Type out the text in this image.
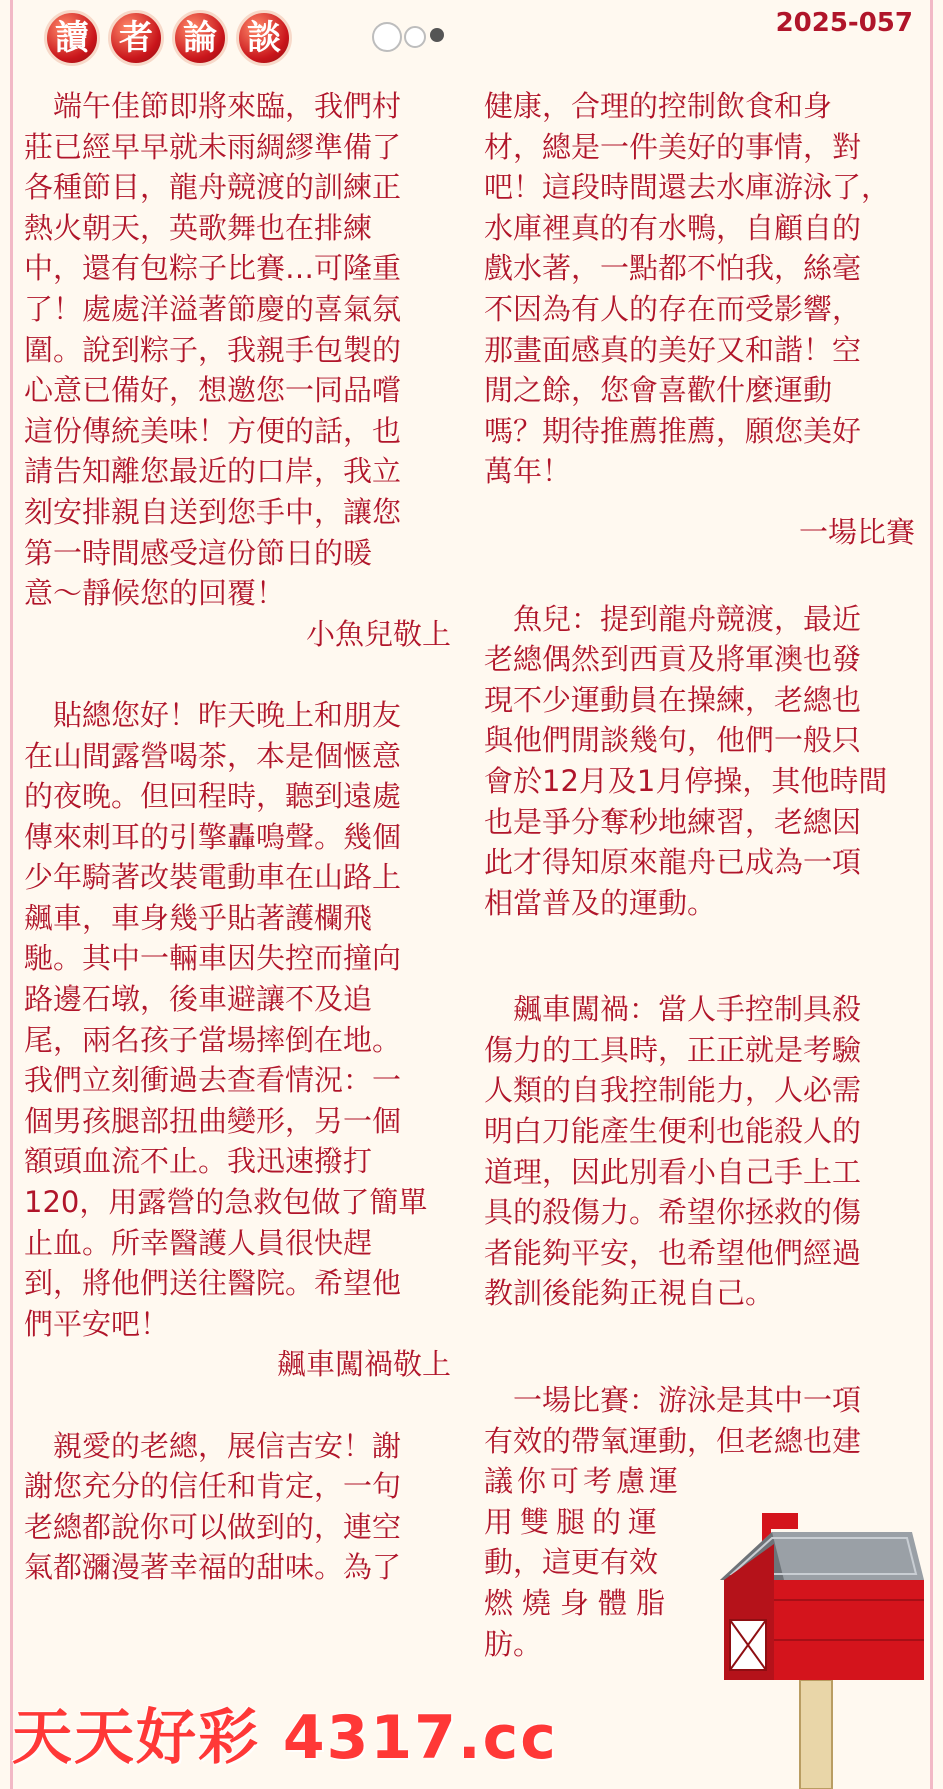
讀 者 論 談	2025-057

端午佳節即將來臨，我們村

莊已經早早就未雨綢繆準備了

各種節目，龍舟競渡的訓練正

熱火朝天，英歌舞也在排練

中，還有包粽子比賽…可隆重

了！處處洋溢著節慶的喜氣氛

圍。說到粽子，我親手包製的

心意已備好，想邀您一同品嚐

這份傳統美味！方便的話，也

請告知離您最近的口岸，我立

刻安排親自送到您手中，讓您

第一時間感受這份節日的暖

意～靜候您的回覆！

小魚兒敬上

貼總您好！昨天晚上和朋友

在山間露營喝茶，本是個愜意

的夜晚。但回程時，聽到遠處

傳來刺耳的引擎轟鳴聲。幾個

少年騎著改裝電動車在山路上

飆車，車身幾乎貼著護欄飛

馳。其中一輛車因失控而撞向

路邊石墩，後車避讓不及追

尾，兩名孩子當場摔倒在地。

我們立刻衝過去查看情況：一

個男孩腿部扭曲變形，另一個

額頭血流不止。我迅速撥打

120，用露營的急救包做了簡單

止血。所幸醫護人員很快趕

到，將他們送往醫院。希望他

們平安吧！

飆車闖禍敬上

親愛的老總，展信吉安！謝

謝您充分的信任和肯定，一句

老總都說你可以做到的，連空

氣都瀰漫著幸福的甜味。為了

健康，合理的控制飲食和身

材，總是一件美好的事情，對

吧！這段時間還去水庫游泳了，

水庫裡真的有水鴨，自顧自的

戲水著，一點都不怕我，絲毫

不因為有人的存在而受影響，

那畫面感真的美好又和諧！空

閒之餘，您會喜歡什麼運動

嗎？期待推薦推薦，願您美好

萬年！

一場比賽

魚兒：提到龍舟競渡，最近

老總偶然到西貢及將軍澳也發

現不少運動員在操練，老總也

與他們閒談幾句，他們一般只

會於12月及1月停操，其他時間

也是爭分奪秒地練習，老總因

此才得知原來龍舟已成為一項

相當普及的運動。

飆車闖禍：當人手控制具殺

傷力的工具時，正正就是考驗

人類的自我控制能力，人必需

明白刀能產生便利也能殺人的

道理，因此別看小自己手上工

具的殺傷力。希望你拯救的傷

者能夠平安，也希望他們經過

教訓後能夠正視自己。

一場比賽：游泳是其中一項

有效的帶氧運動，但老總也建

議你可考慮運

用雙腿的運

動，這更有效

燃燒身體脂

肪。

天天好彩 4317.cc
